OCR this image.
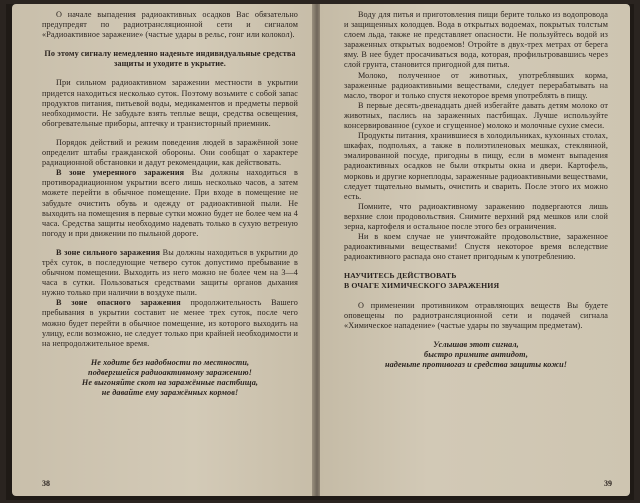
О начале выпадения радиоактивных осадков Вас обязательно предупредят по радиотрансляционной сети и сигналом «Радиоактивное заражение» (частые удары в рельс, гонг или колокол).

По этому сигналу немедленно наденьте индивидуальные средства защиты и уходите в укрытие.

При сильном радиоактивном заражении местности в укрытии придется находиться несколько суток. Поэтому возьмите с собой запас продуктов питания, питьевой воды, медикаментов и предметы первой необходимости. Не забудьте взять теплые вещи, средства освещения, обогревательные приборы, аптечку и транзисторный приемник.

Порядок действий и режим поведения людей в заражённой зоне определит штабы гражданской обороны. Они сообщат о характере радиационной обстановки и дадут рекомендации, как действовать.

В зоне умеренного заражения Вы должны находиться в противорадиационном укрытии всего лишь несколько часов, а затем можете перейти в обычное помещение. При входе в помещение не забудьте очистить обувь и одежду от радиоактивной пыли. Не выходить на помещения в первые сутки можно будет не более чем на 4 часа. Средства защиты необходимо надевать только в сухую ветреную погоду и при движении по пыльной дороге.

В зоне сильного заражения Вы должны находиться в укрытии до трёх суток, в последующие четверо суток допустимо пребывание в обычном помещении. Выходить из него можно не более чем на 3—4 часа в сутки. Пользоваться средствами защиты органов дыхания нужно только при наличии в воздухе пыли.

В зоне опасного заражения продолжительность Вашего пребывания в укрытии составит не менее трех суток, после чего можно будет перейти в обычное помещение, из которого выходить на улицу, если возможно, не следует только при крайней необходимости и на непродолжительное время.

Не ходите без надобности по местности,

подвергшейся радиоактивному заражению!

Не выгоняйте скот на заражённые пастбища,

не давайте ему заражённых кормов!

38

Воду для питья и приготовления пищи берите только из водопровода и защищенных колодцев. Вода в открытых водоемах, покрытых толстым слоем льда, также не представляет опасности. Не пользуйтесь водой из зараженных открытых водоемов! Отройте в двух-трех метрах от берега яму. В нее будет просачиваться вода, которая, профильтровавшись через слой грунта, становится пригодной для питья.

Молоко, полученное от животных, употреблявших корма, зараженные радиоактивными веществами, следует перерабатывать на масло, творог и только спустя некоторое время употреблять в пищу.

В первые десять-двенадцать дней избегайте давать детям молоко от животных, паслись на зараженных пастбищах. Лучше используйте консервированное (сухое и сгущенное) молоко и молочные сухие смеси.

Продукты питания, хранившиеся в холодильниках, кухонных столах, шкафах, подпольях, а также в полиэтиленовых мешках, стеклянной, эмалированной посуде, пригодны в пищу, если в момент выпадения радиоактивных осадков не были открыты окна и двери. Картофель, морковь и другие корнеплоды, зараженные радиоактивными веществами, следует тщательно вымыть, очистить и сварить. После этого их можно есть.

Помните, что радиоактивному заражению подвергаются лишь верхние слои продовольствия. Снимите верхний ряд мешков или слой зерна, картофеля и остальное после этого без ограничения.

Ни в коем случае не уничтожайте продовольствие, зараженное радиоактивными веществами! Спустя некоторое время вследствие радиоактивного распада оно станет пригодным к употреблению.

НАУЧИТЕСЬ ДЕЙСТВОВАТЬ

В ОЧАГЕ ХИМИЧЕСКОГО ЗАРАЖЕНИЯ

О применении противником отравляющих веществ Вы будете оповещены по радиотрансляционной сети и подачей сигнала «Химическое нападение» (частые удары по звучащим предметам).

Услышав этот сигнал,

быстро примите антидот,

наденьте противогаз и средства защиты кожи!

39
